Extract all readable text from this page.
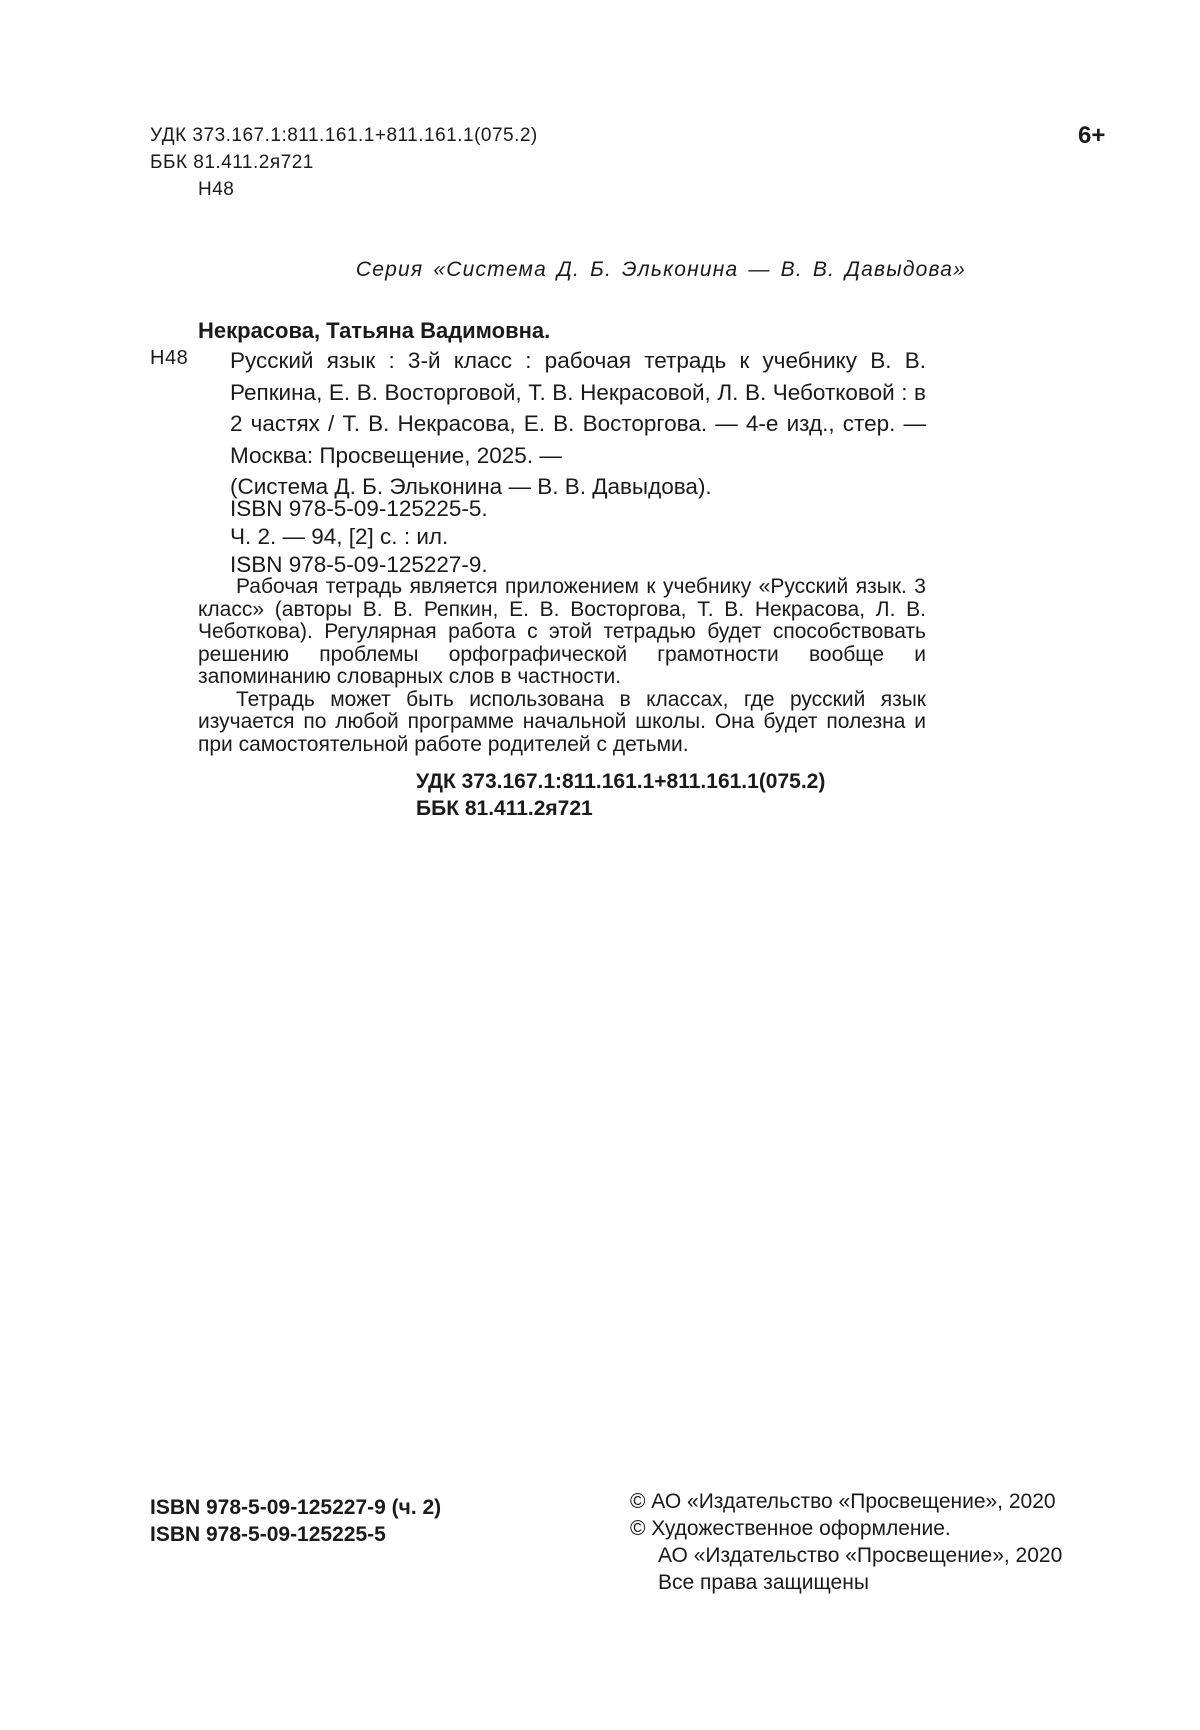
УДК 373.167.1:811.161.1+811.161.1(075.2)
ББК 81.411.2я721
Н48
6+
Серия «Система Д. Б. Эльконина — В. В. Давыдова»
Некрасова, Татьяна Вадимовна.
Н48 Русский язык : 3-й класс : рабочая тетрадь к учебнику В. В. Репкина, Е. В. Восторговой, Т. В. Некрасовой, Л. В. Чеботковой : в 2 частях / Т. В. Некрасова, Е. В. Восторгова. — 4-е изд., стер. — Москва: Просвещение, 2025. —

(Система Д. Б. Эльконина — В. В. Давыдова).

ISBN 978-5-09-125225-5.
Ч. 2. — 94, [2] с. : ил.
ISBN 978-5-09-125227-9.

Рабочая тетрадь является приложением к учебнику «Русский язык. 3 класс» (авторы В. В. Репкин, Е. В. Восторгова, Т. В. Некрасова, Л. В. Чеботкова). Регулярная работа с этой тетрадью будет способствовать решению проблемы орфографической грамотности вообще и запоминанию словарных слов в частности.

Тетрадь может быть использована в классах, где русский язык изучается по любой программе начальной школы. Она будет полезна и при самостоятельной работе родителей с детьми.

УДК 373.167.1:811.161.1+811.161.1(075.2)
ББК 81.411.2я721
ISBN 978-5-09-125227-9 (ч. 2)
ISBN 978-5-09-125225-5
© АО «Издательство «Просвещение», 2020
© Художественное оформление.
АО «Издательство «Просвещение», 2020
Все права защищены
